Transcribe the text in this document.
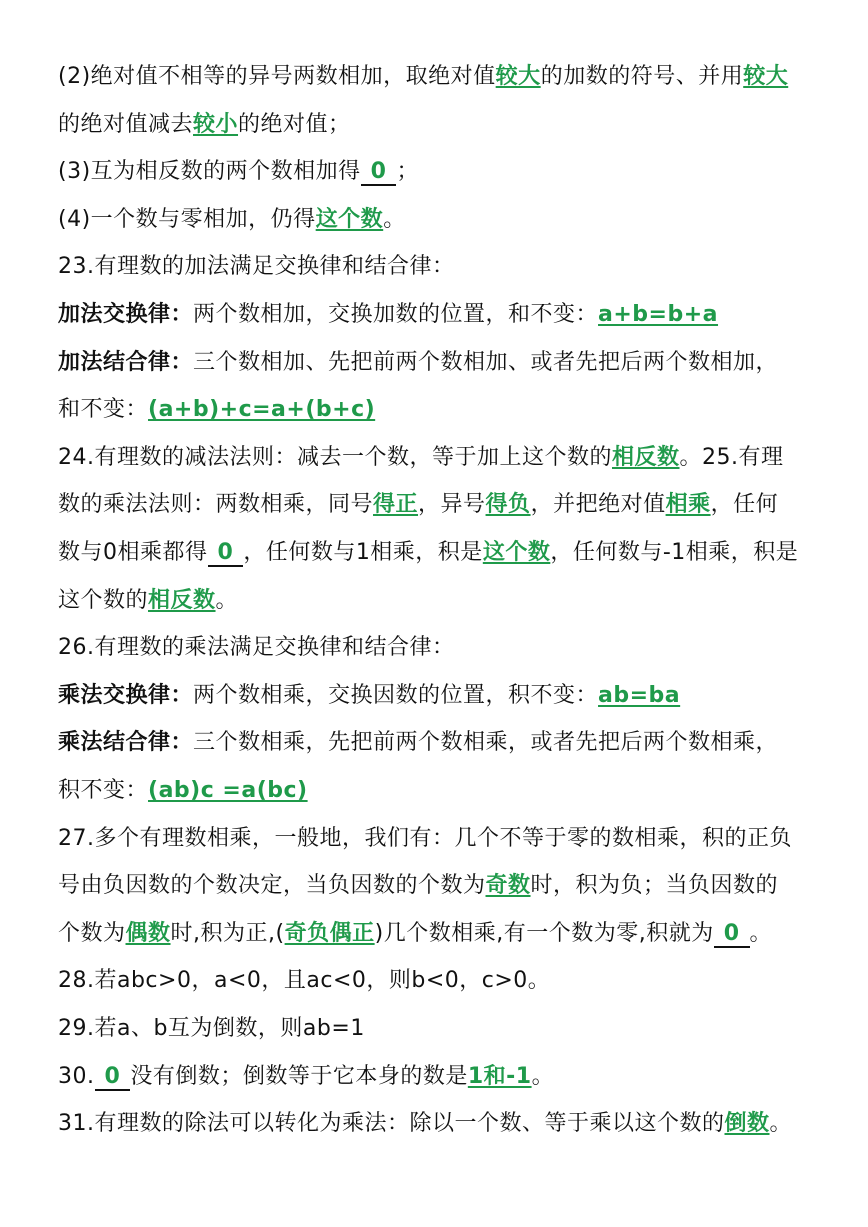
(2)绝对值不相等的异号两数相加，取绝对值较大的加数的符号、并用较大
的绝对值减去较小的绝对值；
(3)互为相反数的两个数相加得 0 ；
(4)一个数与零相加，仍得这个数。
23.有理数的加法满足交换律和结合律：
加法交换律：两个数相加，交换加数的位置，和不变：a+b=b+a
加法结合律：三个数相加、先把前两个数相加、或者先把后两个数相加，
和不变：(a+b)+c=a+(b+c)
24.有理数的减法法则：减去一个数，等于加上这个数的相反数。25.有理
数的乘法法则：两数相乘，同号得正，异号得负，并把绝对值相乘，任何
数与0相乘都得 0 ，任何数与1相乘，积是这个数，任何数与-1相乘，积是
这个数的相反数。
26.有理数的乘法满足交换律和结合律：
乘法交换律：两个数相乘，交换因数的位置，积不变：ab=ba
乘法结合律：三个数相乘，先把前两个数相乘，或者先把后两个数相乘，
积不变：(ab)c =a(bc)
27.多个有理数相乘，一般地，我们有：几个不等于零的数相乘，积的正负
号由负因数的个数决定，当负因数的个数为奇数时，积为负；当负因数的
个数为偶数时,积为正,(奇负偶正)几个数相乘,有一个数为零,积就为 0 。
28.若abc>0，a<0，且ac<0，则b<0，c>0。
29.若a、b互为倒数，则ab=1
30. 0 没有倒数；倒数等于它本身的数是1和-1。
31.有理数的除法可以转化为乘法：除以一个数、等于乘以这个数的倒数。
